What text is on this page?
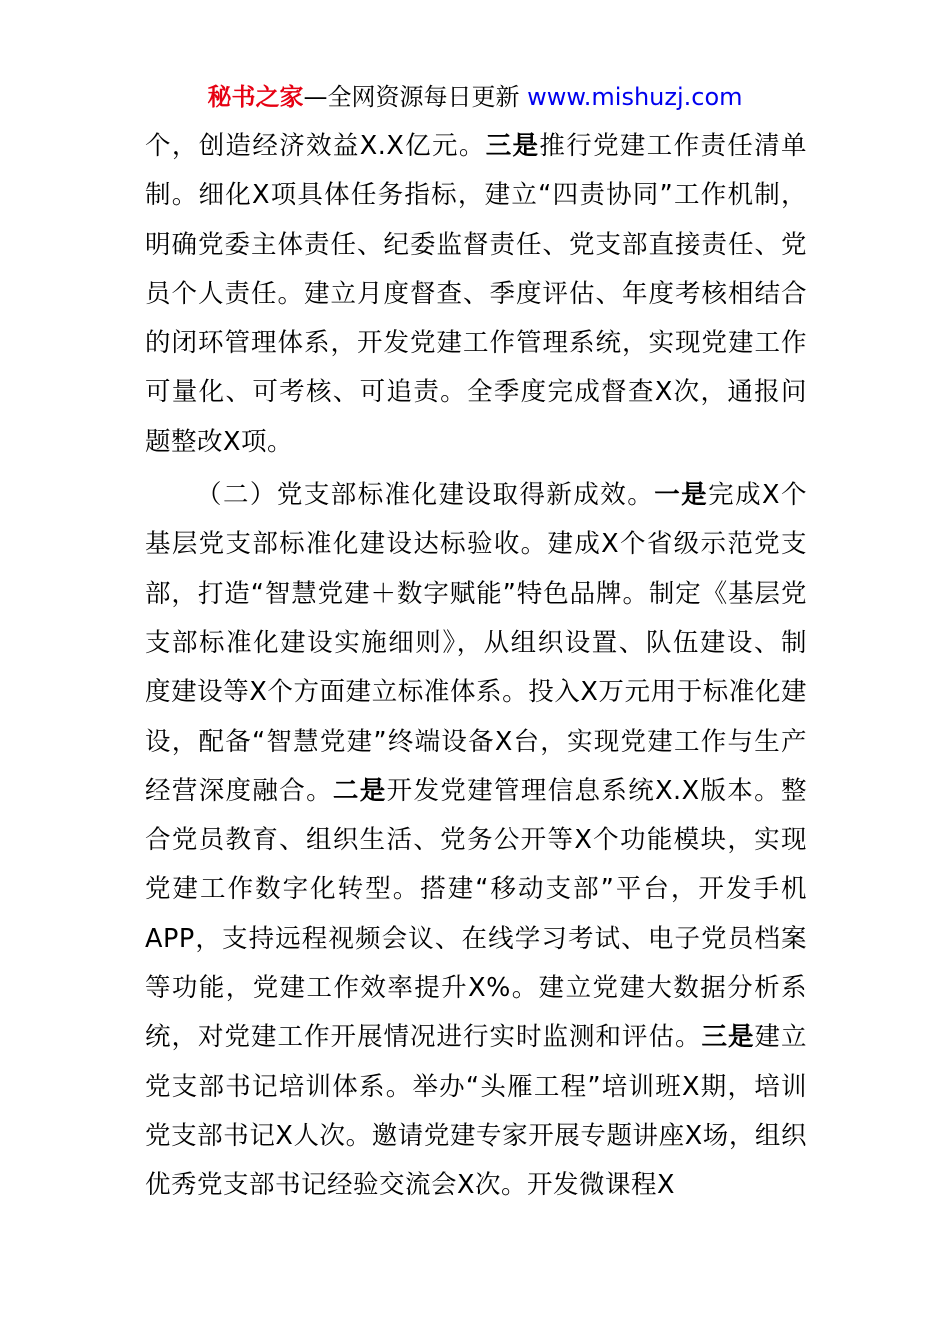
秘书之家—全网资源每日更新 www.mishuzj.com

个，创造经济效益X.X亿元。三是推行党建工作责任清单制。细化X项具体任务指标，建立“四责协同”工作机制，明确党委主体责任、纪委监督责任、党支部直接责任、党员个人责任。建立月度督查、季度评估、年度考核相结合的闭环管理体系，开发党建工作管理系统，实现党建工作可量化、可考核、可追责。全季度完成督查X次，通报问题整改X项。

（二）党支部标准化建设取得新成效。一是完成X个基层党支部标准化建设达标验收。建成X个省级示范党支部，打造“智慧党建＋数字赋能”特色品牌。制定《基层党支部标准化建设实施细则》，从组织设置、队伍建设、制度建设等X个方面建立标准体系。投入X万元用于标准化建设，配备“智慧党建”终端设备X台，实现党建工作与生产经营深度融合。二是开发党建管理信息系统X.X版本。整合党员教育、组织生活、党务公开等X个功能模块，实现党建工作数字化转型。搭建“移动支部”平台，开发手机APP，支持远程视频会议、在线学习考试、电子党员档案等功能，党建工作效率提升X%。建立党建大数据分析系统，对党建工作开展情况进行实时监测和评估。三是建立党支部书记培训体系。举办“头雁工程”培训班X期，培训党支部书记X人次。邀请党建专家开展专题讲座X场，组织优秀党支部书记经验交流会X次。开发微课程X
